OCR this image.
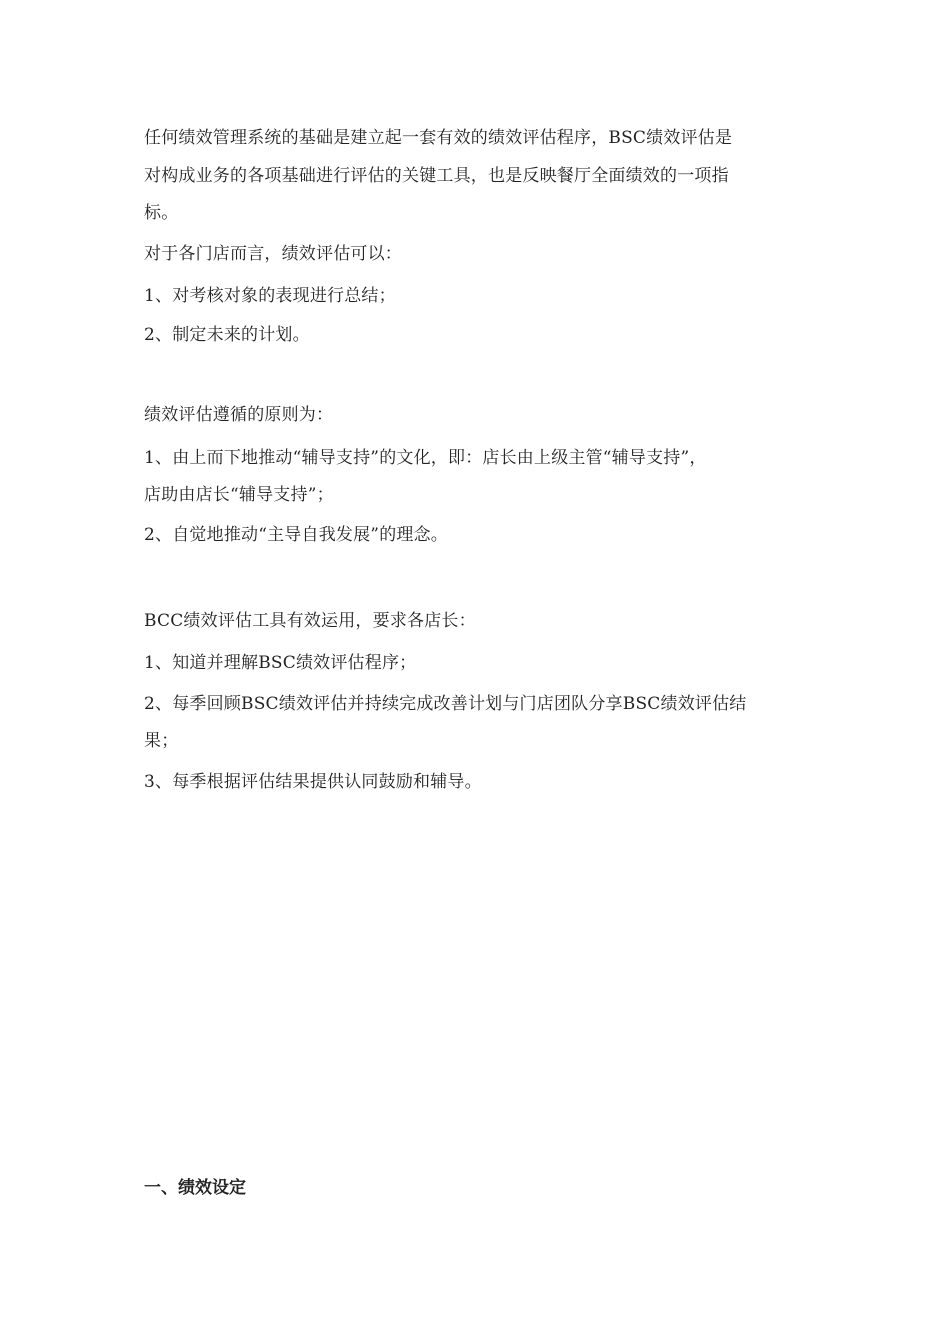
任何绩效管理系统的基础是建立起一套有效的绩效评估程序，BSC绩效评估是
对构成业务的各项基础进行评估的关键工具，也是反映餐厅全面绩效的一项指
标。
对于各门店而言，绩效评估可以：
1、对考核对象的表现进行总结；
2、制定未来的计划。
绩效评估遵循的原则为：
1、由上而下地推动“辅导支持”的文化，即：店长由上级主管“辅导支持”，
店助由店长“辅导支持”；
2、自觉地推动“主导自我发展”的理念。
BCC绩效评估工具有效运用，要求各店长：
1、知道并理解BSC绩效评估程序；
2、每季回顾BSC绩效评估并持续完成改善计划与门店团队分享BSC绩效评估结
果；
3、每季根据评估结果提供认同鼓励和辅导。
一、绩效设定
